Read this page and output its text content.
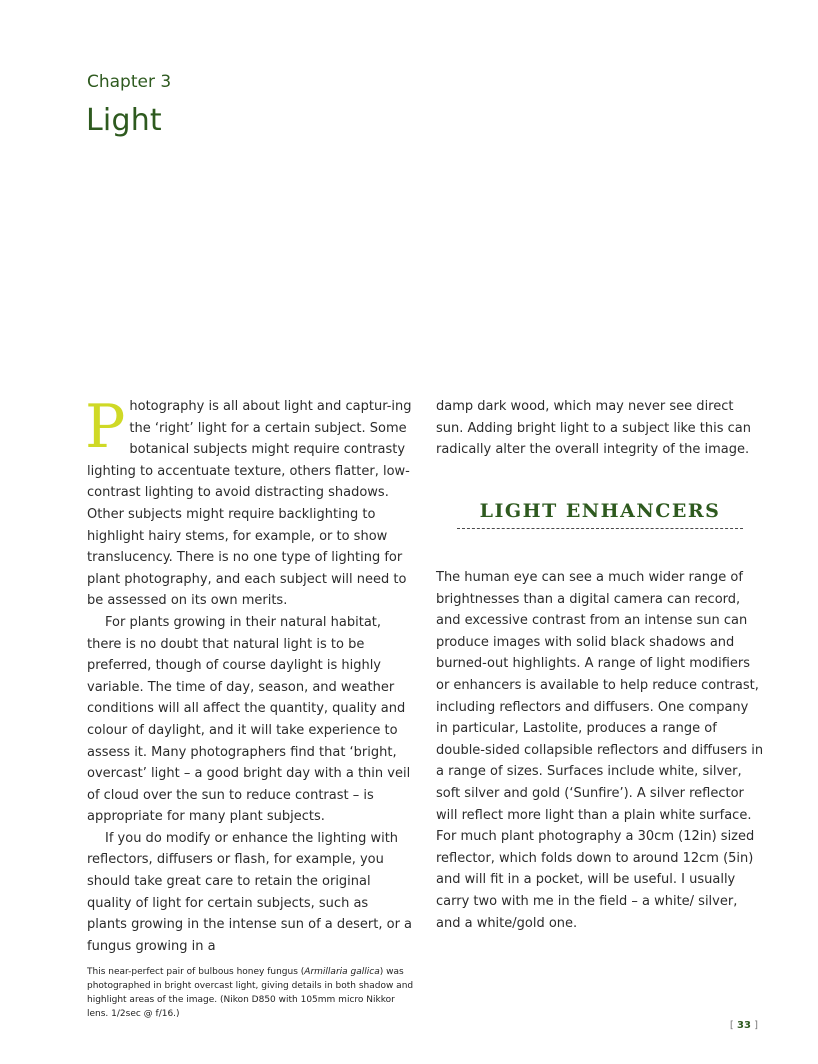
Chapter 3
Light

Photography is all about light and captur-ing the ‘right’ light for a certain subject. Some botanical subjects might require contrasty lighting to accentuate texture, others flatter, low-contrast lighting to avoid distracting shadows. Other subjects might require backlighting to highlight hairy stems, for example, or to show translucency. There is no one type of lighting for plant photography, and each subject will need to be assessed on its own merits.

For plants growing in their natural habitat, there is no doubt that natural light is to be preferred, though of course daylight is highly variable. The time of day, season, and weather conditions will all affect the quantity, quality and colour of daylight, and it will take experience to assess it. Many photographers find that ‘bright, overcast’ light – a good bright day with a thin veil of cloud over the sun to reduce contrast – is appropriate for many plant subjects.

If you do modify or enhance the lighting with reflectors, diffusers or flash, for example, you should take great care to retain the original quality of light for certain subjects, such as plants growing in the intense sun of a desert, or a fungus growing in a

damp dark wood, which may never see direct sun. Adding bright light to a subject like this can radically alter the overall integrity of the image.

LIGHT ENHANCERS

The human eye can see a much wider range of brightnesses than a digital camera can record, and excessive contrast from an intense sun can produce images with solid black shadows and burned-out highlights. A range of light modifiers or enhancers is available to help reduce contrast, including reflectors and diffusers. One company in particular, Lastolite, produces a range of double-sided collapsible reflectors and diffusers in a range of sizes. Surfaces include white, silver, soft silver and gold (‘Sunfire’). A silver reflector will reflect more light than a plain white surface. For much plant photography a 30cm (12in) sized reflector, which folds down to around 12cm (5in) and will fit in a pocket, will be useful. I usually carry two with me in the field – a white/ silver, and a white/gold one.

This near-perfect pair of bulbous honey fungus (Armillaria gallica) was photographed in bright overcast light, giving details in both shadow and highlight areas of the image. (Nikon D850 with 105mm micro Nikkor lens. 1/2sec @ f/16.)
[ 33 ]
